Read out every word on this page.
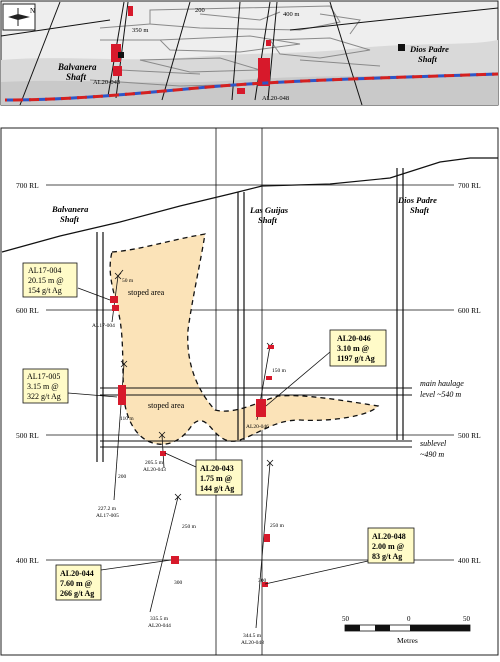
N
Balvanera Shaft
Dios Padre Shaft
400 m
350 m
200
AL20-043
AL20-048
700 RL
600 RL
500 RL
400 RL
700 RL
600 RL
500 RL
400 RL
stoped area
stoped area
Balvanera	Las Guijas
Dios Padre
main haulage
level ~540 m
sublevel
~490 m
50 m
AL17-004
110 m
200
227.2 m
AL17-005
205.5 m
AL20-043
150 m
AL20-046
250 m
300
335.5 m
AL20-044
250 m
300
344.5 m
AL20-048
AL17-004
20.15 m @
154 g/t Ag
AL17-005
3.15 m @
322 g/t Ag
AL20-046
3.10 m @
1197 g/t Ag
AL20-043
1.75 m @
144 g/t Ag
AL20-044
7.60 m @
266 g/t Ag
AL20-048
2.00 m @
83 g/t Ag
50	0	50
Metres
Shaft	Shaft
Shaft
